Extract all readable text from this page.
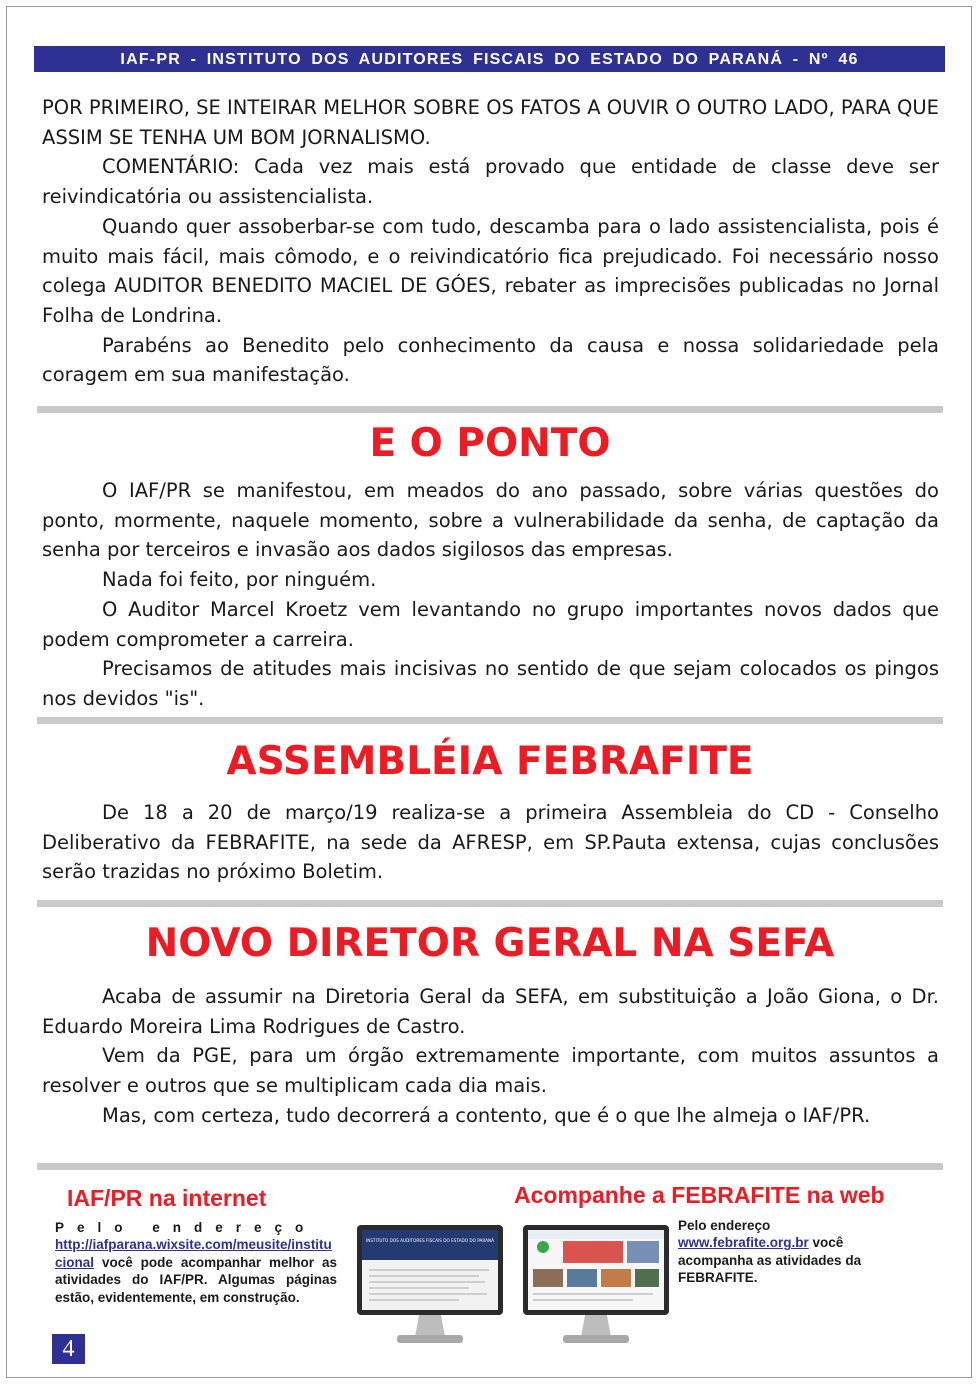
IAF-PR - INSTITUTO DOS AUDITORES FISCAIS DO ESTADO DO PARANÁ - Nº 46

POR PRIMEIRO, SE INTEIRAR MELHOR SOBRE OS FATOS A OUVIR O OUTRO LADO, PARA QUE ASSIM SE TENHA UM BOM JORNALISMO.

COMENTÁRIO: Cada vez mais está provado que entidade de classe deve ser reivindicatória ou assistencialista.

Quando quer assoberbar-se com tudo, descamba para o lado assistencialista, pois é muito mais fácil, mais cômodo, e o reivindicatório fica prejudicado. Foi necessário nosso colega AUDITOR BENEDITO MACIEL DE GÓES, rebater as imprecisões publicadas no Jornal Folha de Londrina.

Parabéns ao Benedito pelo conhecimento da causa e nossa solidariedade pela coragem em sua manifestação.

E O PONTO

O IAF/PR se manifestou, em meados do ano passado, sobre várias questões do ponto, mormente, naquele momento, sobre a vulnerabilidade da senha, de captação da senha por terceiros e invasão aos dados sigilosos das empresas.

Nada foi feito, por ninguém.

O Auditor Marcel Kroetz vem levantando no grupo importantes novos dados que podem comprometer a carreira.

Precisamos de atitudes mais incisivas no sentido de que sejam colocados os pingos nos devidos "is".

ASSEMBLÉIA FEBRAFITE

De 18 a 20 de março/19 realiza-se a primeira Assembleia do CD - Conselho Deliberativo da FEBRAFITE, na sede da AFRESP, em SP.Pauta extensa, cujas conclusões serão trazidas no próximo Boletim.

NOVO DIRETOR GERAL NA SEFA

Acaba de assumir na Diretoria Geral da SEFA, em substituição a João Giona, o Dr. Eduardo Moreira Lima Rodrigues de Castro.

Vem da PGE, para um órgão extremamente importante, com muitos assuntos a resolver e outros que se multiplicam cada dia mais.

Mas, com certeza, tudo decorrerá a contento, que é o que lhe almeja o IAF/PR.

IAF/PR na internet
Pelo endereço
http://iafparana.wixsite.com/meusite/institucional você pode acompanhar melhor as atividades do IAF/PR. Algumas páginas estão, evidentemente, em construção.
INSTITUTO DOS AUDITORES FISCAIS DO ESTADO DO PARANÁ
Acompanhe a FEBRAFITE na web
Pelo endereço
www.febrafite.org.br você acompanha as atividades da FEBRAFITE.
4
